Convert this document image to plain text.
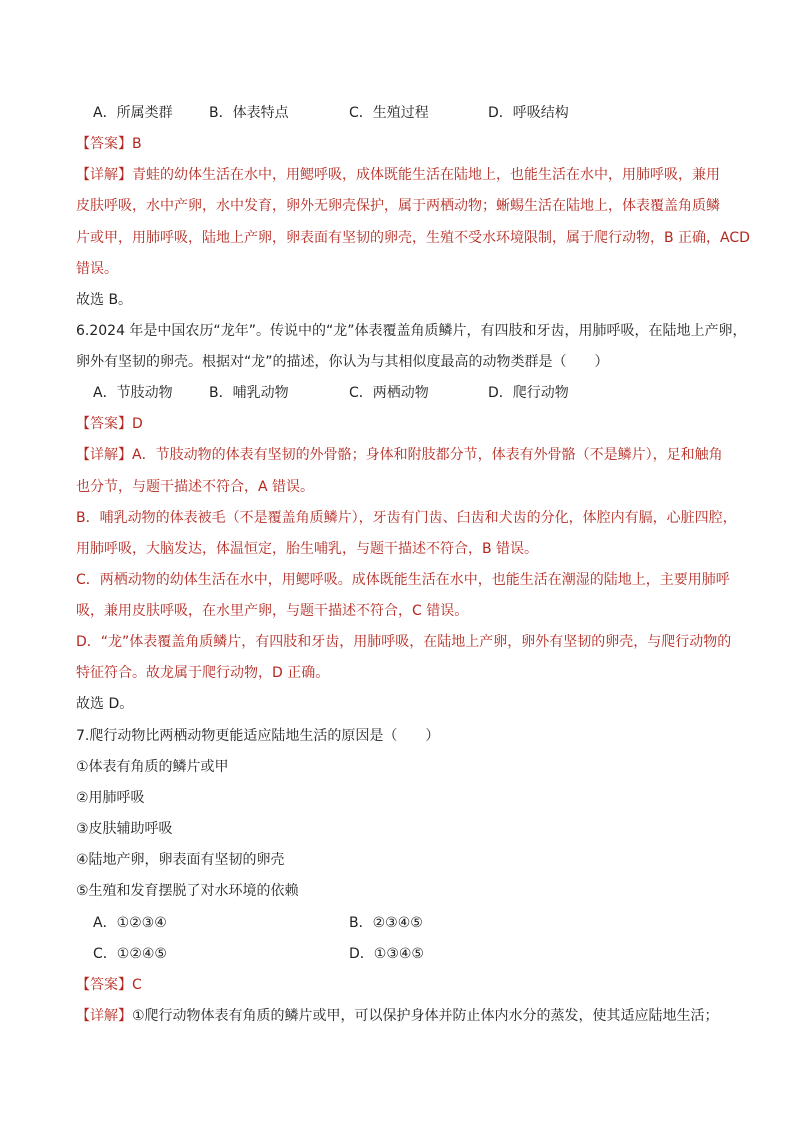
A．所属类群	B．体表特点	C．生殖过程	D．呼吸结构
【答案】B
【详解】青蛙的幼体生活在水中，用鳃呼吸，成体既能生活在陆地上，也能生活在水中，用肺呼吸，兼用
皮肤呼吸，水中产卵，水中发育，卵外无卵壳保护，属于两栖动物；蜥蜴生活在陆地上，体表覆盖角质鳞
片或甲，用肺呼吸，陆地上产卵，卵表面有坚韧的卵壳，生殖不受水环境限制，属于爬行动物，B 正确，ACD
错误。
故选 B。
6.2024 年是中国农历“龙年”。传说中的“龙”体表覆盖角质鳞片，有四肢和牙齿，用肺呼吸，在陆地上产卵，
卵外有坚韧的卵壳。根据对“龙”的描述，你认为与其相似度最高的动物类群是（　　）
A．节肢动物	B．哺乳动物	C．两栖动物	D．爬行动物
【答案】D
【详解】A．节肢动物的体表有坚韧的外骨骼；身体和附肢都分节，体表有外骨骼（不是鳞片），足和触角
也分节，与题干描述不符合，A 错误。
B．哺乳动物的体表被毛（不是覆盖角质鳞片），牙齿有门齿、臼齿和犬齿的分化，体腔内有膈，心脏四腔，
用肺呼吸，大脑发达，体温恒定，胎生哺乳，与题干描述不符合，B 错误。
C．两栖动物的幼体生活在水中，用鳃呼吸。成体既能生活在水中，也能生活在潮湿的陆地上，主要用肺呼
吸，兼用皮肤呼吸，在水里产卵，与题干描述不符合，C 错误。
D．“龙”体表覆盖角质鳞片，有四肢和牙齿，用肺呼吸，在陆地上产卵，卵外有坚韧的卵壳，与爬行动物的
特征符合。故龙属于爬行动物，D 正确。
故选 D。
7.爬行动物比两栖动物更能适应陆地生活的原因是（　　）
①体表有角质的鳞片或甲
②用肺呼吸
③皮肤辅助呼吸
④陆地产卵，卵表面有坚韧的卵壳
⑤生殖和发育摆脱了对水环境的依赖
A．①②③④	B．②③④⑤
C．①②④⑤	D．①③④⑤
【答案】C
【详解】①爬行动物体表有角质的鳞片或甲，可以保护身体并防止体内水分的蒸发，使其适应陆地生活；
